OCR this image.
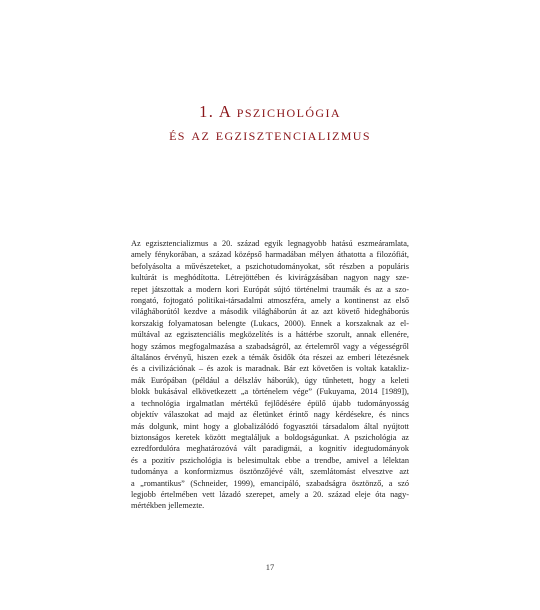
1. A pszichológia
és az egzisztencializmus
Az egzisztencializmus a 20. század egyik legnagyobb hatású eszmeáramlata,
amely fénykorában, a század középső harmadában mélyen áthatotta a filozófiát,
befolyásolta a művészeteket, a pszichotudományokat, sőt részben a populáris
kultúrát is meghódította. Létrejöttében és kivirágzásában nagyon nagy sze-
repet játszottak a modern kori Európát sújtó történelmi traumák és az a szo-
rongató, fojtogató politikai-társadalmi atmoszféra, amely a kontinenst az első
világháborútól kezdve a második világháborún át az azt követő hidegháborús
korszakig folyamatosan belengte (Lukacs, 2000). Ennek a korszaknak az el-
múltával az egzisztenciális megközelítés is a háttérbe szorult, annak ellenére,
hogy számos megfogalmazása a szabadságról, az értelemről vagy a végességről
általános érvényű, hiszen ezek a témák ősidők óta részei az emberi létezésnek
és a civilizációnak – és azok is maradnak. Bár ezt követően is voltak katakliz-
mák Európában (például a délszláv háborúk), úgy tűnhetett, hogy a keleti
blokk bukásával elkövetkezett „a történelem vége” (Fukuyama, 2014 [1989]),
a technológia irgalmatlan mértékű fejlődésére épülő újabb tudományosság
objektív válaszokat ad majd az életünket érintő nagy kérdésekre, és nincs
más dolgunk, mint hogy a globalizálódó fogyasztói társadalom által nyújtott
biztonságos keretek között megtaláljuk a boldogságunkat. A pszichológia az
ezredfordulóra meghatározóvá vált paradigmái, a kognitív idegtudományok
és a pozitív pszichológia is belesimultak ebbe a trendbe, amivel a lélektan
tudománya a konformizmus ösztönzőjévé vált, szemlátomást elvesztve azt
a „romantikus” (Schneider, 1999), emancipáló, szabadságra ösztönző, a szó
legjobb értelmében vett lázadó szerepet, amely a 20. század eleje óta nagy-
mértékben jellemezte.
17
